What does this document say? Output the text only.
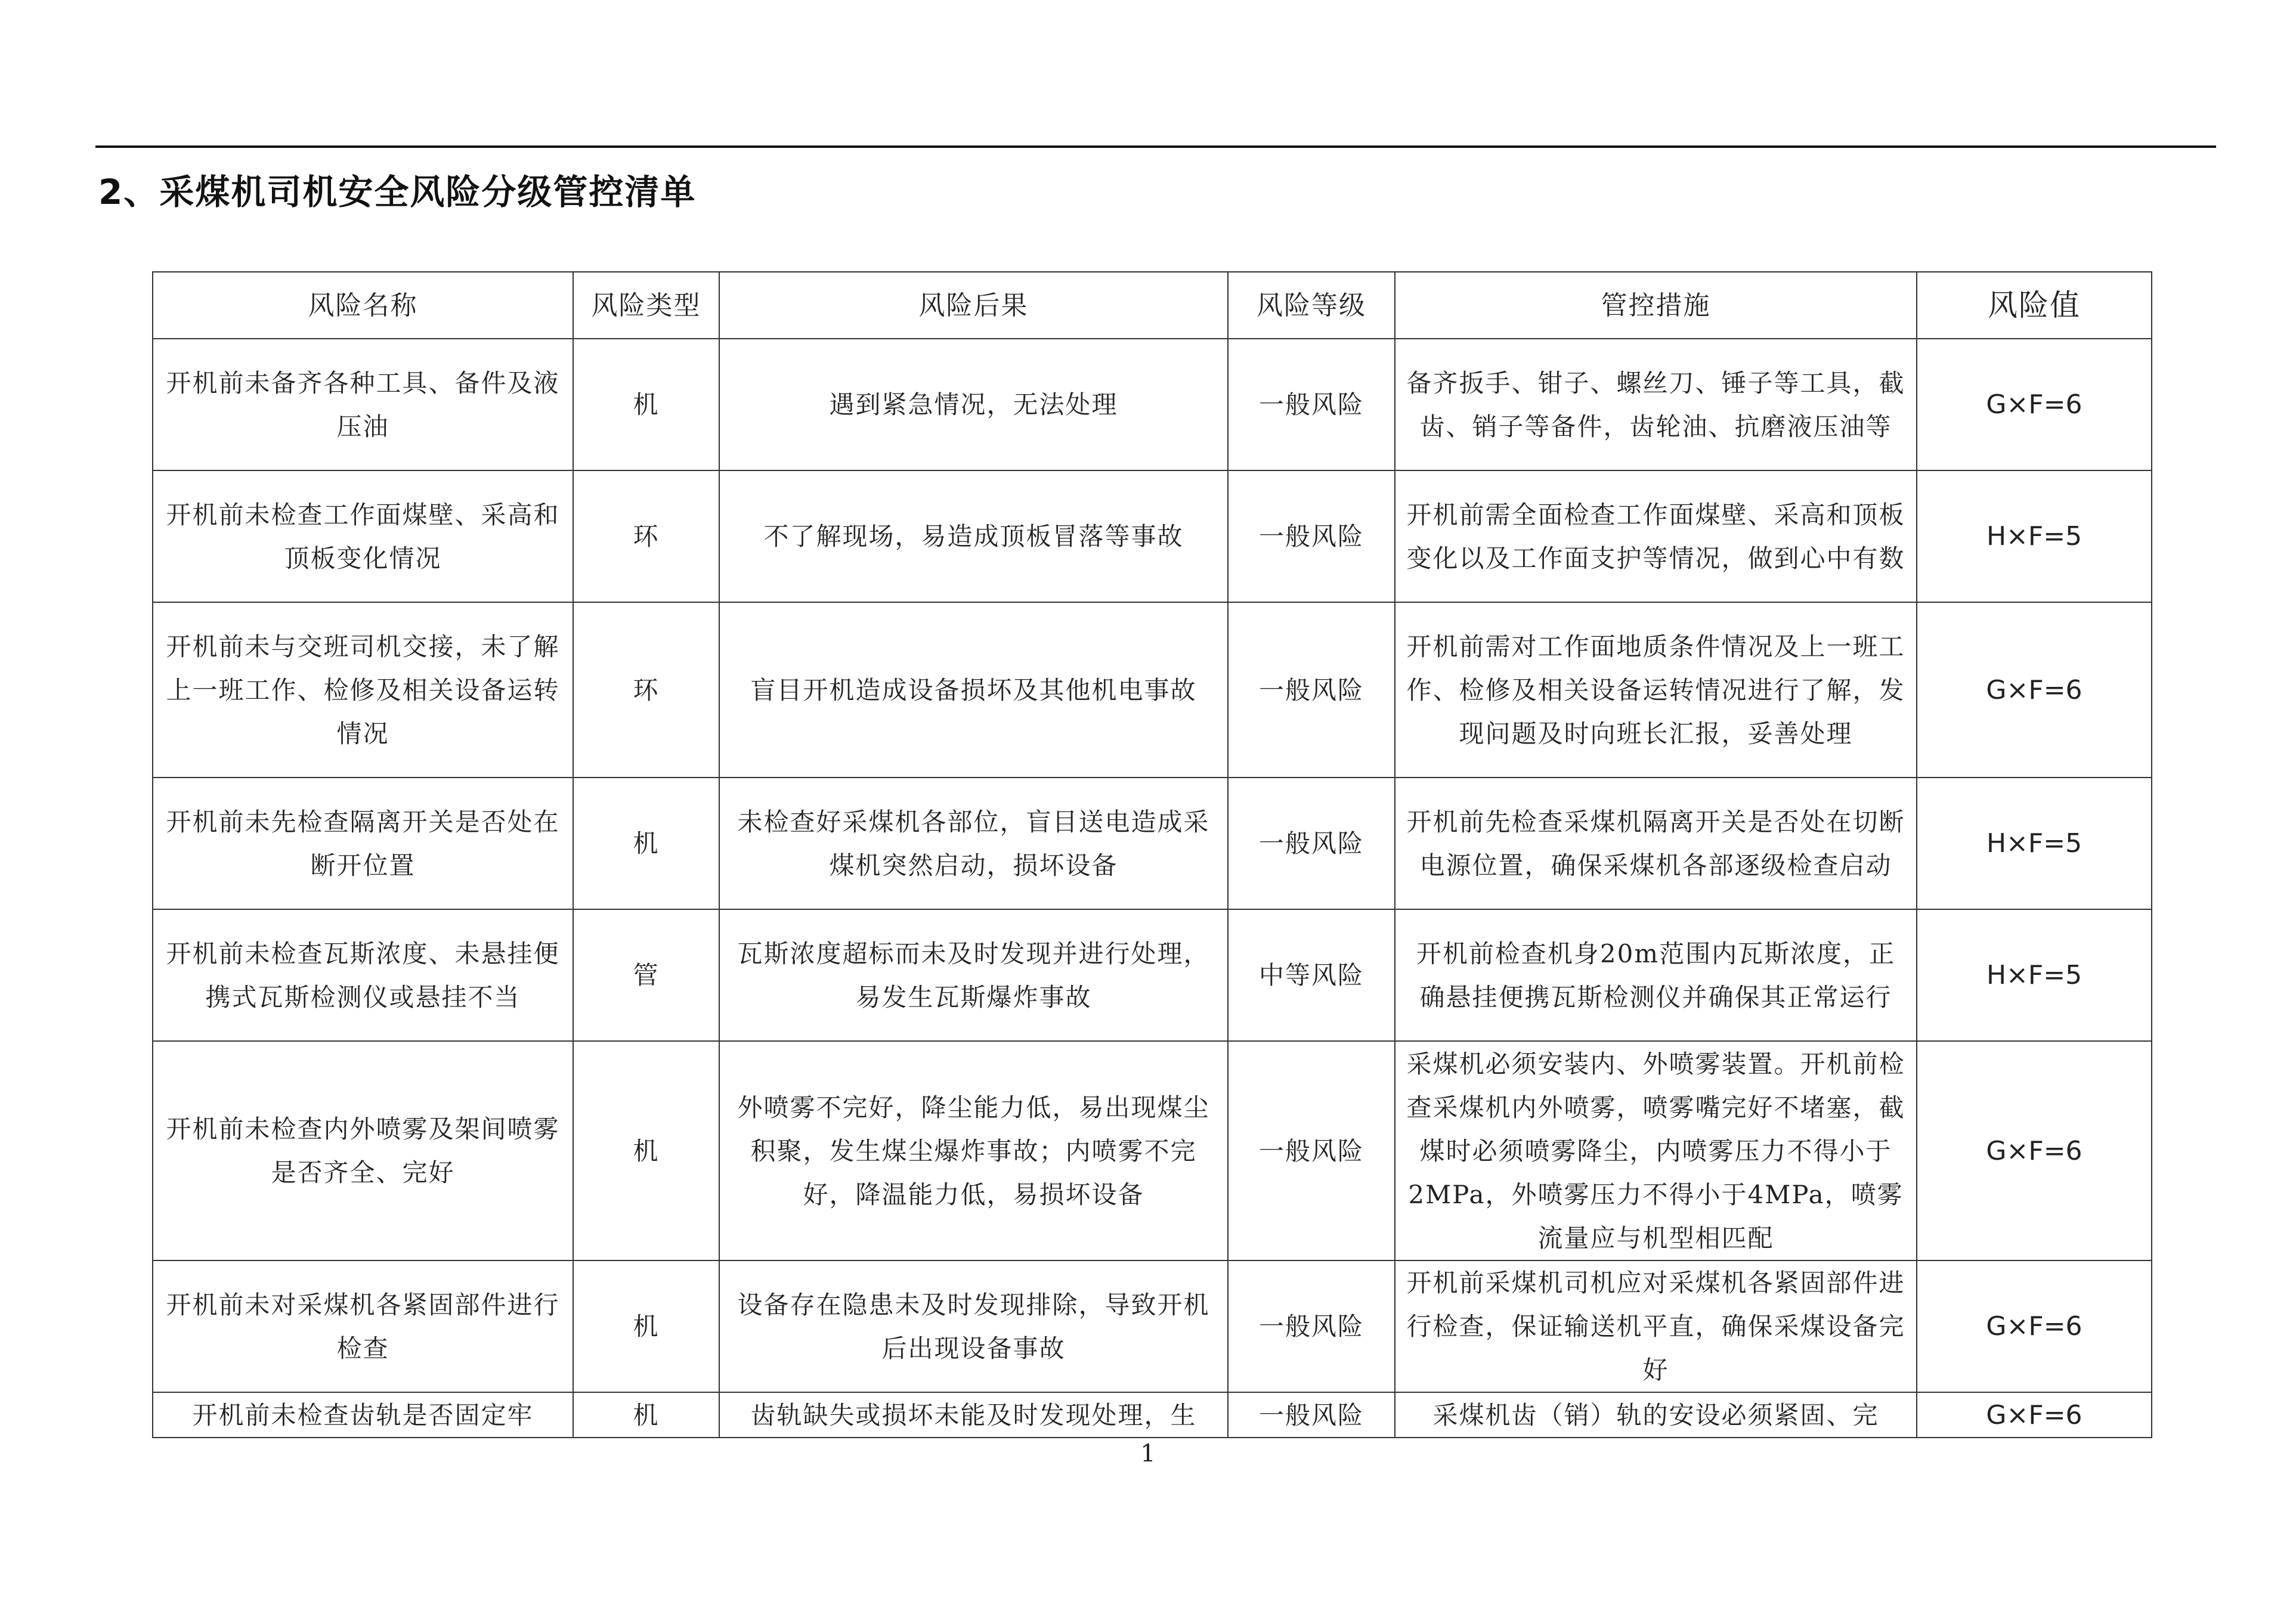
2、采煤机司机安全风险分级管控清单
风险名称	风险类型	风险后果	风险等级	管控措施	风险值
开机前未备齐各种工具、备件及液压油	机	遇到紧急情况，无法处理	一般风险	备齐扳手、钳子、螺丝刀、锤子等工具，截齿、销子等备件，齿轮油、抗磨液压油等	G×F=6
开机前未检查工作面煤壁、采高和顶板变化情况	环	不了解现场，易造成顶板冒落等事故	一般风险	开机前需全面检查工作面煤壁、采高和顶板变化以及工作面支护等情况，做到心中有数	H×F=5
开机前未与交班司机交接，未了解上一班工作、检修及相关设备运转情况	环	盲目开机造成设备损坏及其他机电事故	一般风险	开机前需对工作面地质条件情况及上一班工作、检修及相关设备运转情况进行了解，发现问题及时向班长汇报，妥善处理	G×F=6
开机前未先检查隔离开关是否处在断开位置	机	未检查好采煤机各部位，盲目送电造成采煤机突然启动，损坏设备	一般风险	开机前先检查采煤机隔离开关是否处在切断电源位置，确保采煤机各部逐级检查启动	H×F=5
开机前未检查瓦斯浓度、未悬挂便携式瓦斯检测仪或悬挂不当	管	瓦斯浓度超标而未及时发现并进行处理，易发生瓦斯爆炸事故	中等风险	开机前检查机身20m范围内瓦斯浓度，正确悬挂便携瓦斯检测仪并确保其正常运行	H×F=5
开机前未检查内外喷雾及架间喷雾是否齐全、完好	机	外喷雾不完好，降尘能力低，易出现煤尘积聚，发生煤尘爆炸事故；内喷雾不完好，降温能力低，易损坏设备	一般风险	采煤机必须安装内、外喷雾装置。开机前检查采煤机内外喷雾，喷雾嘴完好不堵塞，截煤时必须喷雾降尘，内喷雾压力不得小于2MPa，外喷雾压力不得小于4MPa，喷雾流量应与机型相匹配	G×F=6
开机前未对采煤机各紧固部件进行检查	机	设备存在隐患未及时发现排除，导致开机后出现设备事故	一般风险	开机前采煤机司机应对采煤机各紧固部件进行检查，保证输送机平直，确保采煤设备完好	G×F=6
开机前未检查齿轨是否固定牢	机	齿轨缺失或损坏未能及时发现处理，生	一般风险	采煤机齿（销）轨的安设必须紧固、完	G×F=6
1
